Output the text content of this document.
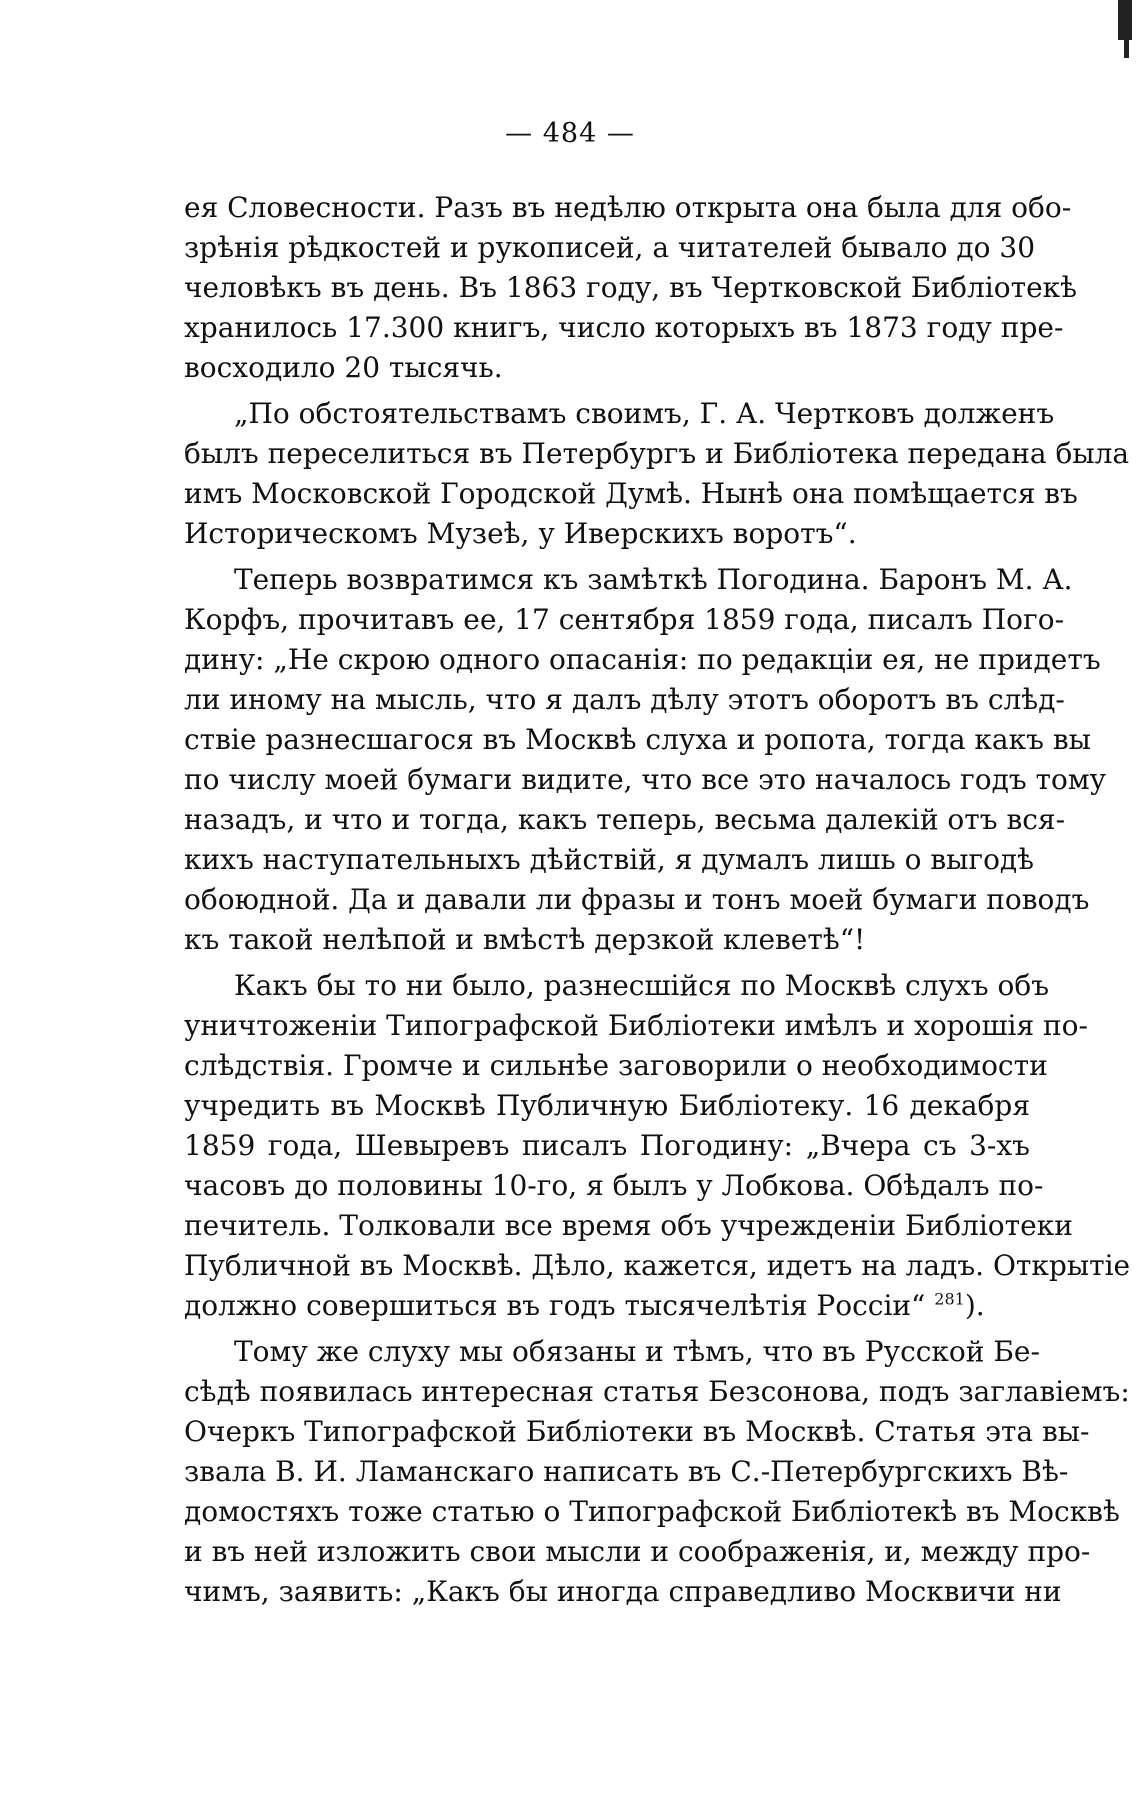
— 484 —
ея Словесности. Разъ въ недѣлю открыта она была для обо-
зрѣнія рѣдкостей и рукописей, а читателей бывало до 30
человѣкъ въ день. Въ 1863 году, въ Чертковской Библіотекѣ
хранилось 17.300 книгъ, число которыхъ въ 1873 году пре-
восходило 20 тысячь.
„По обстоятельствамъ своимъ, Г. А. Чертковъ долженъ
былъ переселиться въ Петербургъ и Библіотека передана была
имъ Московской Городской Думѣ. Нынѣ она помѣщается въ
Историческомъ Музеѣ, у Иверскихъ воротъ“.
Теперь возвратимся къ замѣткѣ Погодина. Баронъ М. А.
Корфъ, прочитавъ ее, 17 сентября 1859 года, писалъ Пого-
дину: „Не скрою одного опасанія: по редакціи ея, не придетъ
ли иному на мысль, что я далъ дѣлу этотъ оборотъ въ слѣд-
ствіе разнесшагося въ Москвѣ слуха и ропота, тогда какъ вы
по числу моей бумаги видите, что все это началось годъ тому
назадъ, и что и тогда, какъ теперь, весьма далекій отъ вся-
кихъ наступательныхъ дѣйствій, я думалъ лишь о выгодѣ
обоюдной. Да и давали ли фразы и тонъ моей бумаги поводъ
къ такой нелѣпой и вмѣстѣ дерзкой клеветѣ“!
Какъ бы то ни было, разнесшійся по Москвѣ слухъ объ
уничтоженіи Типографской Библіотеки имѣлъ и хорошія по-
слѣдствія. Громче и сильнѣе заговорили о необходимости
учредить въ Москвѣ Публичную Библіотеку. 16 декабря
1859 года, Шевыревъ писалъ Погодину: „Вчера съ 3-хъ
часовъ до половины 10-го, я былъ у Лобкова. Обѣдалъ по-
печитель. Толковали все время объ учрежденіи Библіотеки
Публичной въ Москвѣ. Дѣло, кажется, идетъ на ладъ. Открытіе
должно совершиться въ годъ тысячелѣтія Россіи“ $^{281}$).
Тому же слуху мы обязаны и тѣмъ, что въ Русской Бе-
сѣдѣ появилась интересная статья Безсонова, подъ заглавіемъ:
Очеркъ Типографской Библіотеки въ Москвѣ. Статья эта вы-
звала В. И. Ламанскаго написать въ С.-Петербургскихъ Вѣ-
домостяхъ тоже статью о Типографской Библіотекѣ въ Москвѣ
и въ ней изложить свои мысли и соображенія, и, между про-
чимъ, заявить: „Какъ бы иногда справедливо Москвичи ни
